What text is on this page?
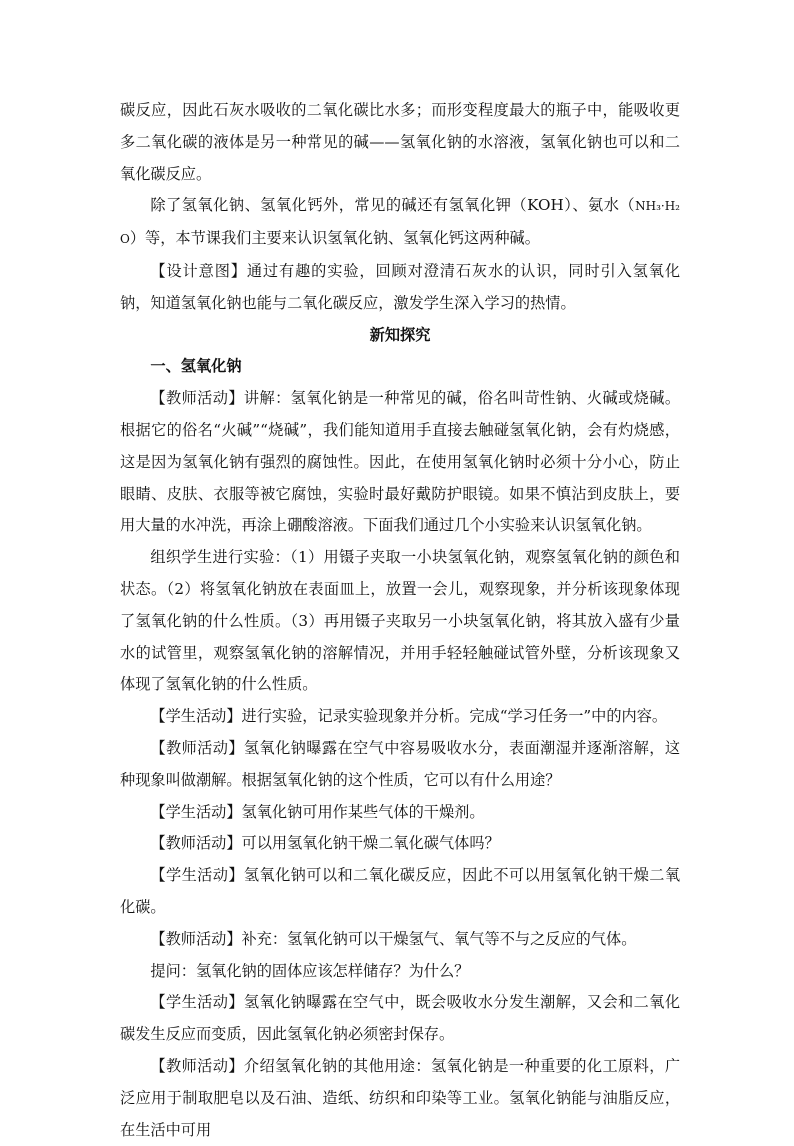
碳反应，因此石灰水吸收的二氧化碳比水多；而形变程度最大的瓶子中，能吸收更多二氧化碳的液体是另一种常见的碱——氢氧化钠的水溶液，氢氧化钠也可以和二氧化碳反应。

除了氢氧化钠、氢氧化钙外，常见的碱还有氢氧化钾（KOH）、氨水（NH₃·H₂O）等，本节课我们主要来认识氢氧化钠、氢氧化钙这两种碱。

【设计意图】通过有趣的实验，回顾对澄清石灰水的认识，同时引入氢氧化钠，知道氢氧化钠也能与二氧化碳反应，激发学生深入学习的热情。

新知探究

一、氢氧化钠

【教师活动】讲解：氢氧化钠是一种常见的碱，俗名叫苛性钠、火碱或烧碱。根据它的俗名“火碱”“烧碱”，我们能知道用手直接去触碰氢氧化钠，会有灼烧感，这是因为氢氧化钠有强烈的腐蚀性。因此，在使用氢氧化钠时必须十分小心，防止眼睛、皮肤、衣服等被它腐蚀，实验时最好戴防护眼镜。如果不慎沾到皮肤上，要用大量的水冲洗，再涂上硼酸溶液。下面我们通过几个小实验来认识氢氧化钠。

组织学生进行实验：（1）用镊子夹取一小块氢氧化钠，观察氢氧化钠的颜色和状态。（2）将氢氧化钠放在表面皿上，放置一会儿，观察现象，并分析该现象体现了氢氧化钠的什么性质。（3）再用镊子夹取另一小块氢氧化钠，将其放入盛有少量水的试管里，观察氢氧化钠的溶解情况，并用手轻轻触碰试管外壁，分析该现象又体现了氢氧化钠的什么性质。

【学生活动】进行实验，记录实验现象并分析。完成“学习任务一”中的内容。

【教师活动】氢氧化钠曝露在空气中容易吸收水分，表面潮湿并逐渐溶解，这种现象叫做潮解。根据氢氧化钠的这个性质，它可以有什么用途？

【学生活动】氢氧化钠可用作某些气体的干燥剂。

【教师活动】可以用氢氧化钠干燥二氧化碳气体吗？

【学生活动】氢氧化钠可以和二氧化碳反应，因此不可以用氢氧化钠干燥二氧化碳。

【教师活动】补充：氢氧化钠可以干燥氢气、氧气等不与之反应的气体。

提问：氢氧化钠的固体应该怎样储存？为什么？

【学生活动】氢氧化钠曝露在空气中，既会吸收水分发生潮解，又会和二氧化碳发生反应而变质，因此氢氧化钠必须密封保存。

【教师活动】介绍氢氧化钠的其他用途：氢氧化钠是一种重要的化工原料，广泛应用于制取肥皂以及石油、造纸、纺织和印染等工业。氢氧化钠能与油脂反应，在生活中可用
